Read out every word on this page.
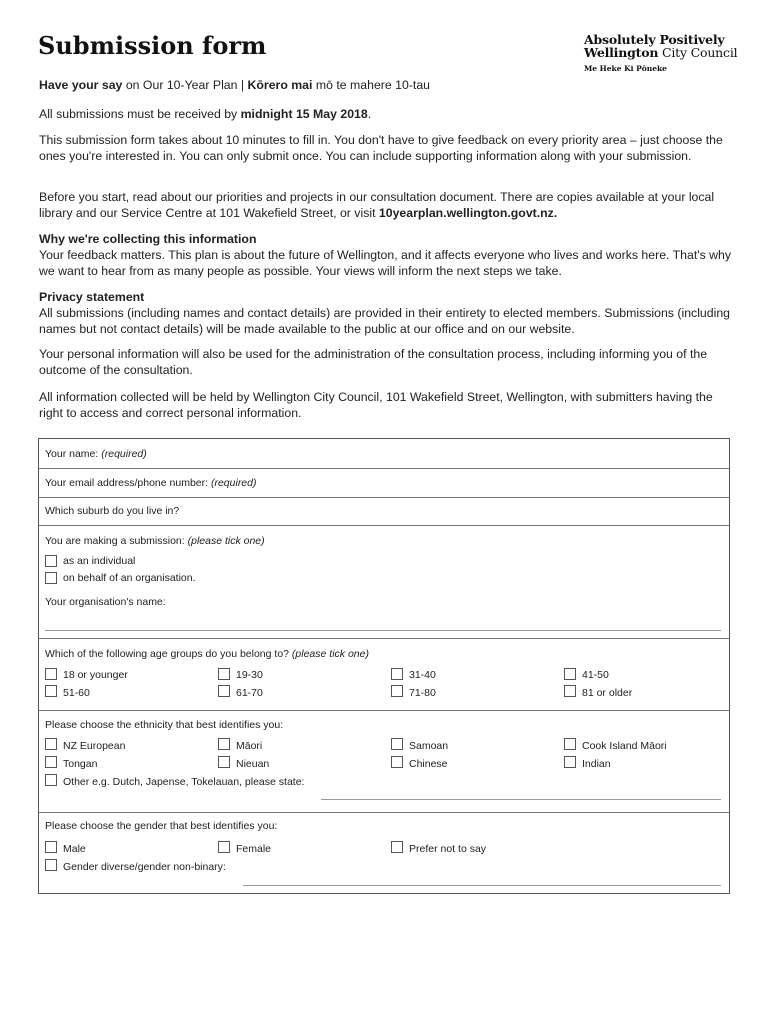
Submission form	Absolutely Positively
Wellington City Council
Me Heke Ki Pōneke
Have your say on Our 10-Year Plan | Kōrero mai mō te mahere 10-tau
All submissions must be received by midnight 15 May 2018.
This submission form takes about 10 minutes to fill in. You don't have to give feedback on every priority area – just choose the ones you're interested in. You can only submit once. You can include supporting information along with your submission.
Before you start, read about our priorities and projects in our consultation document. There are copies available at your local library and our Service Centre at 101 Wakefield Street, or visit 10yearplan.wellington.govt.nz.
Why we're collecting this information
Your feedback matters. This plan is about the future of Wellington, and it affects everyone who lives and works here. That's why we want to hear from as many people as possible. Your views will inform the next steps we take.
Privacy statement
All submissions (including names and contact details) are provided in their entirety to elected members. Submissions (including names but not contact details) will be made available to the public at our office and on our website.
Your personal information will also be used for the administration of the consultation process, including informing you of the outcome of the consultation.
All information collected will be held by Wellington City Council, 101 Wakefield Street, Wellington, with submitters having the right to access and correct personal information.
Your name: (required)
Your email address/phone number: (required)
Which suburb do you live in?
You are making a submission: (please tick one)
as an individual
on behalf of an organisation.
Your organisation's name:
Which of the following age groups do you belong to? (please tick one)
18 or younger	19-30	31-40	41-50
51-60	61-70	71-80	81 or older
Please choose the ethnicity that best identifies you:
NZ European	Māori	Samoan	Cook Island Māori
Tongan	Nieuan	Chinese	Indian
Other e.g. Dutch, Japense, Tokelauan, please state:
Please choose the gender that best identifies you:
Male	Female	Prefer not to say
Gender diverse/gender non-binary:
